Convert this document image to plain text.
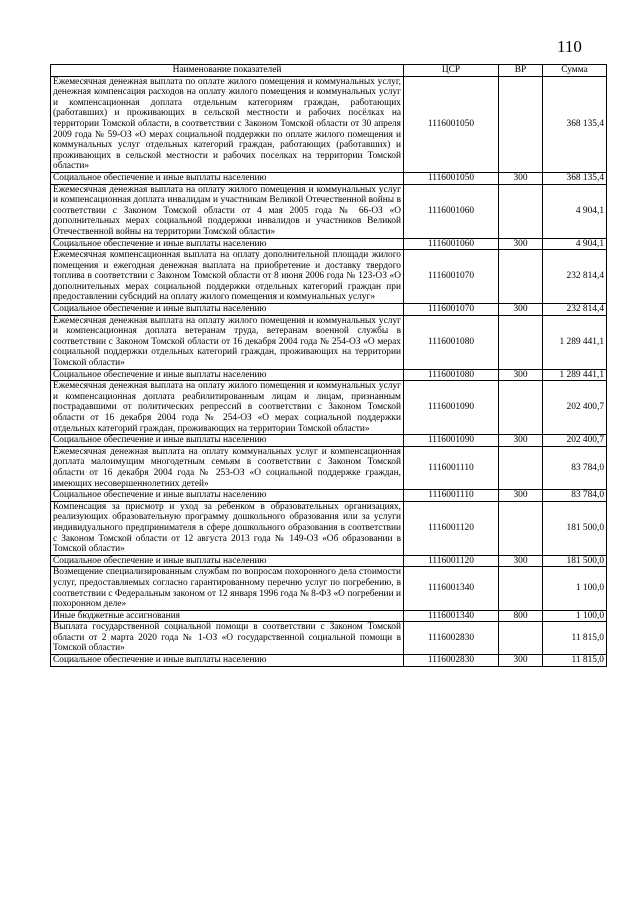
110
Наименование показателей	ЦСР	ВР	Сумма
Ежемесячная денежная выплата по оплате жилого помещения и коммунальных услуг, денежная компенсация расходов на оплату жилого помещения и коммунальных услуг и компенсационная доплата отдельным категориям граждан, работающих (работавших) и проживающих в сельской местности и рабочих посёлках на территории Томской области, в соответствии с Законом Томской области от 30 апреля 2009 года № 59-ОЗ «О мерах социальной поддержки по оплате жилого помещения и коммунальных услуг отдельных категорий граждан, работающих (работавших) и проживающих в сельской местности и рабочих поселках на территории Томской области»	1116001050		368 135,4
Социальное обеспечение и иные выплаты населению	1116001050	300	368 135,4
Ежемесячная денежная выплата на оплату жилого помещения и коммунальных услуг и компенсационная доплата инвалидам и участникам Великой Отечественной войны в соответствии с Законом Томской области от 4 мая 2005 года № 66-ОЗ «О дополнительных мерах социальной поддержки инвалидов и участников Великой Отечественной войны на территории Томской области»	1116001060		4 904,1
Социальное обеспечение и иные выплаты населению	1116001060	300	4 904,1
Ежемесячная компенсационная выплата на оплату дополнительной площади жилого помещения и ежегодная денежная выплата на приобретение и доставку твердого топлива в соответствии с Законом Томской области от 8 июня 2006 года № 123-ОЗ «О дополнительных мерах социальной поддержки отдельных категорий граждан при предоставлении субсидий на оплату жилого помещения и коммунальных услуг»	1116001070		232 814,4
Социальное обеспечение и иные выплаты населению	1116001070	300	232 814,4
Ежемесячная денежная выплата на оплату жилого помещения и коммунальных услуг и компенсационная доплата ветеранам труда, ветеранам военной службы в соответствии с Законом Томской области от 16 декабря 2004 года № 254-ОЗ «О мерах социальной поддержки отдельных категорий граждан, проживающих на территории Томской области»	1116001080		1 289 441,1
Социальное обеспечение и иные выплаты населению	1116001080	300	1 289 441,1
Ежемесячная денежная выплата на оплату жилого помещения и коммунальных услуг и компенсационная доплата реабилитированным лицам и лицам, признанным пострадавшими от политических репрессий в соответствии с Законом Томской области от 16 декабря 2004 года № 254-ОЗ «О мерах социальной поддержки отдельных категорий граждан, проживающих на территории Томской области»	1116001090		202 400,7
Социальное обеспечение и иные выплаты населению	1116001090	300	202 400,7
Ежемесячная денежная выплата на оплату коммунальных услуг и компенсационная доплата малоимущим многодетным семьям в соответствии с Законом Томской области от 16 декабря 2004 года № 253-ОЗ «О социальной поддержке граждан, имеющих несовершеннолетних детей»	1116001110		83 784,0
Социальное обеспечение и иные выплаты населению	1116001110	300	83 784,0
Компенсация за присмотр и уход за ребенком в образовательных организациях, реализующих образовательную программу дошкольного образования или за услуги индивидуального предпринимателя в сфере дошкольного образования в соответствии с Законом Томской области от 12 августа 2013 года № 149-ОЗ «Об образовании в Томской области»	1116001120		181 500,0
Социальное обеспечение и иные выплаты населению	1116001120	300	181 500,0
Возмещение специализированным службам по вопросам похоронного дела стоимости услуг, предоставляемых согласно гарантированному перечню услуг по погребению, в соответствии с Федеральным законом от 12 января 1996 года № 8-ФЗ «О погребении и похоронном деле»	1116001340		1 100,0
Иные бюджетные ассигнования	1116001340	800	1 100,0
Выплата государственной социальной помощи в соответствии с Законом Томской области от 2 марта 2020 года № 1-ОЗ «О государственной социальной помощи в Томской области»	1116002830		11 815,0
Социальное обеспечение и иные выплаты населению	1116002830	300	11 815,0
